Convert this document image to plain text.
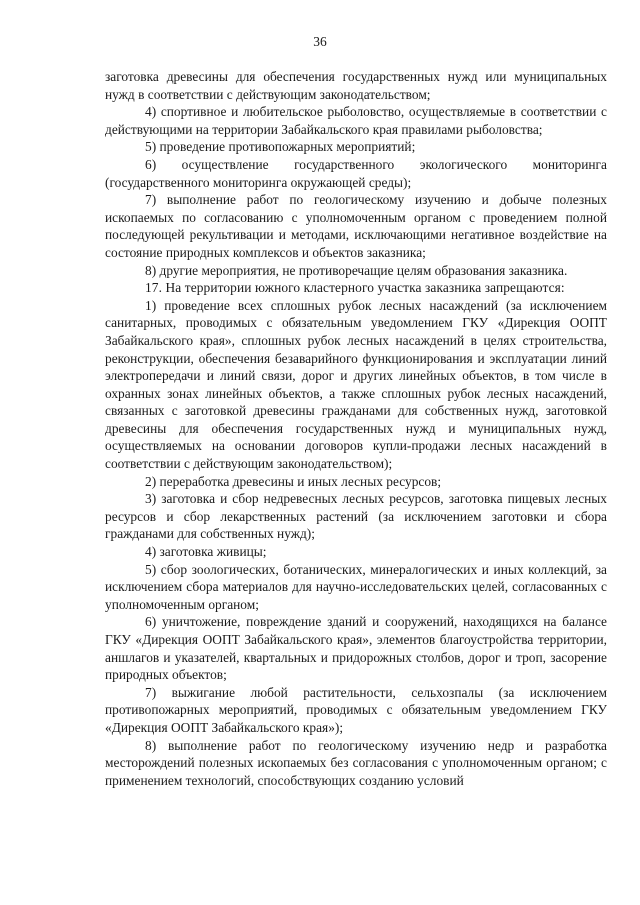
36

заготовка древесины для обеспечения государственных нужд или муниципальных нужд в соответствии с действующим законодательством;

4) спортивное и любительское рыболовство, осуществляемые в соответствии с действующими на территории Забайкальского края правилами рыболовства;

5) проведение противопожарных мероприятий;

6) осуществление государственного экологического мониторинга (государственного мониторинга окружающей среды);

7) выполнение работ по геологическому изучению и добыче полезных ископаемых по согласованию с уполномоченным органом с проведением полной последующей рекультивации и методами, исключающими негативное воздействие на состояние природных комплексов и объектов заказника;

8) другие мероприятия, не противоречащие целям образования заказника.

17. На территории южного кластерного участка заказника запрещаются:

1) проведение всех сплошных рубок лесных насаждений (за исключением санитарных, проводимых с обязательным уведомлением ГКУ «Дирекция ООПТ Забайкальского края», сплошных рубок лесных насаждений в целях строительства, реконструкции, обеспечения безаварийного функционирования и эксплуатации линий электропередачи и линий связи, дорог и других линейных объектов, в том числе в охранных зонах линейных объектов, а также сплошных рубок лесных насаждений, связанных с заготовкой древесины гражданами для собственных нужд, заготовкой древесины для обеспечения государственных нужд и муниципальных нужд, осуществляемых на основании договоров купли-продажи лесных насаждений в соответствии с действующим законодательством);

2) переработка древесины и иных лесных ресурсов;

3) заготовка и сбор недревесных лесных ресурсов, заготовка пищевых лесных ресурсов и сбор лекарственных растений (за исключением заготовки и сбора гражданами для собственных нужд);

4) заготовка живицы;

5) сбор зоологических, ботанических, минералогических и иных коллекций, за исключением сбора материалов для научно-исследовательских целей, согласованных с уполномоченным органом;

6) уничтожение, повреждение зданий и сооружений, находящихся на балансе ГКУ «Дирекция ООПТ Забайкальского края», элементов благоустройства территории, аншлагов и указателей, квартальных и придорожных столбов, дорог и троп, засорение природных объектов;

7) выжигание любой растительности, сельхозпалы (за исключением противопожарных мероприятий, проводимых с обязательным уведомлением ГКУ «Дирекция ООПТ Забайкальского края»);

8) выполнение работ по геологическому изучению недр и разработка месторождений полезных ископаемых без согласования с уполномоченным органом; с применением технологий, способствующих созданию условий
